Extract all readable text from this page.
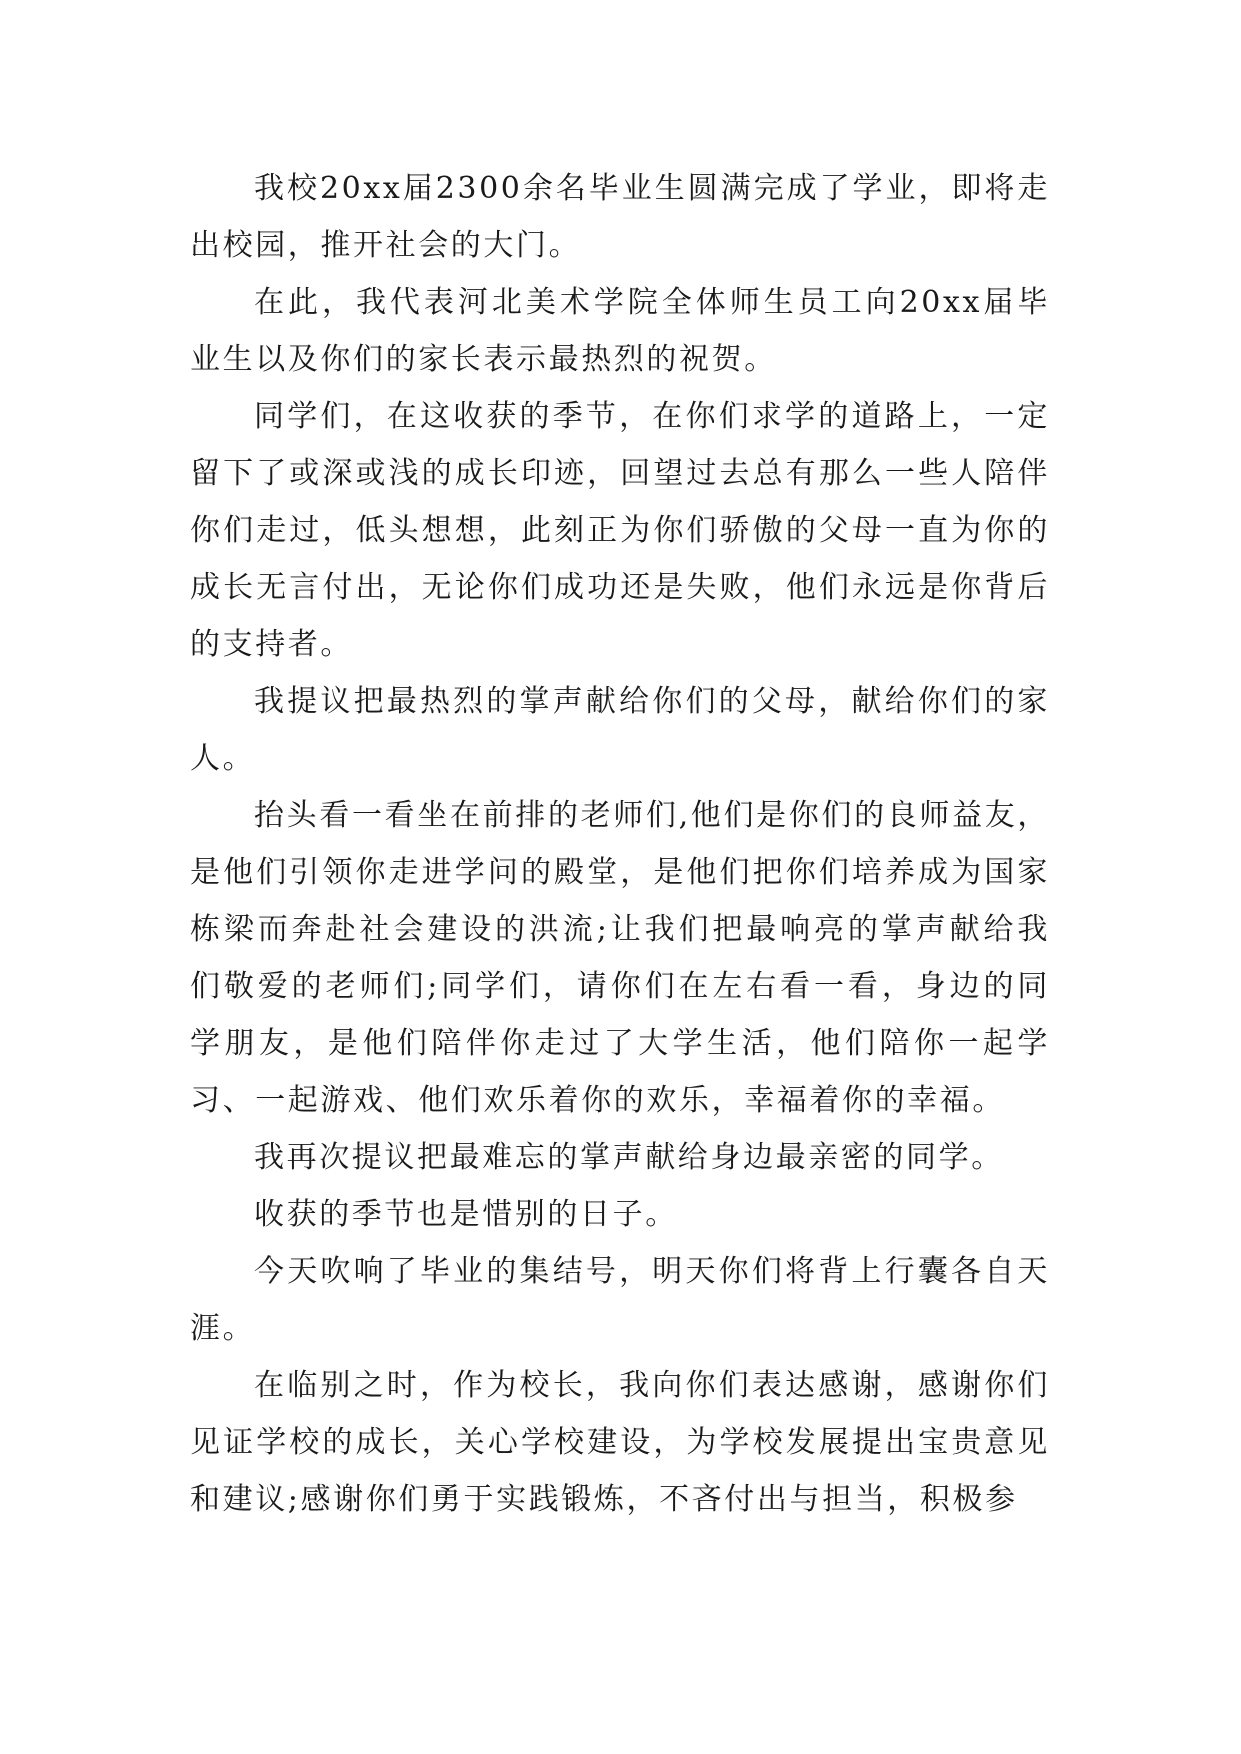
我校20xx届2300余名毕业生圆满完成了学业，即将走出校园，推开社会的大门。

在此，我代表河北美术学院全体师生员工向20xx届毕业生以及你们的家长表示最热烈的祝贺。

同学们，在这收获的季节，在你们求学的道路上，一定留下了或深或浅的成长印迹，回望过去总有那么一些人陪伴你们走过，低头想想，此刻正为你们骄傲的父母一直为你的成长无言付出，无论你们成功还是失败，他们永远是你背后的支持者。

我提议把最热烈的掌声献给你们的父母，献给你们的家人。

抬头看一看坐在前排的老师们,他们是你们的良师益友，是他们引领你走进学问的殿堂，是他们把你们培养成为国家栋梁而奔赴社会建设的洪流;让我们把最响亮的掌声献给我们敬爱的老师们;同学们，请你们在左右看一看，身边的同学朋友，是他们陪伴你走过了大学生活，他们陪你一起学习、一起游戏、他们欢乐着你的欢乐，幸福着你的幸福。

我再次提议把最难忘的掌声献给身边最亲密的同学。

收获的季节也是惜别的日子。

今天吹响了毕业的集结号，明天你们将背上行囊各自天涯。

在临别之时，作为校长，我向你们表达感谢，感谢你们见证学校的成长，关心学校建设，为学校发展提出宝贵意见和建议;感谢你们勇于实践锻炼，不吝付出与担当，积极参
